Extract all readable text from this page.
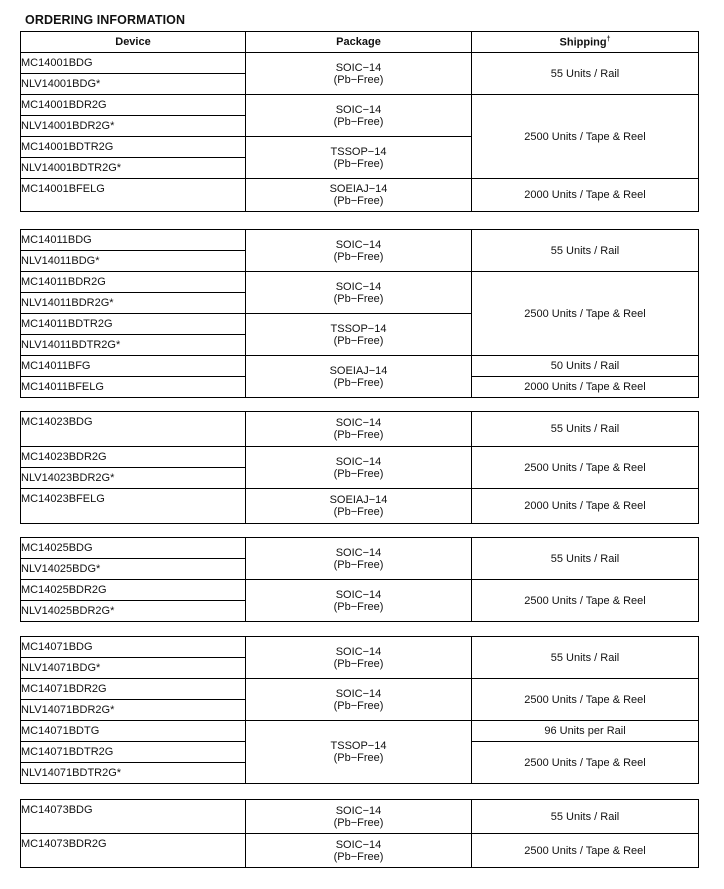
ORDERING INFORMATION
Device	Package	Shipping†

MC14001BDG	SOIC−14
(Pb−Free)	55 Units / Rail

NLV14001BDG*		

MC14001BDR2G	SOIC−14
(Pb−Free)	2500 Units / Tape & Reel

NLV14001BDR2G*		

MC14001BDTR2G	TSSOP−14
(Pb−Free)	

NLV14001BDTR2G*		

MC14001BFELG	SOEIAJ−14
(Pb−Free)	2000 Units / Tape & Reel
MC14011BDG	SOIC−14
(Pb−Free)	55 Units / Rail

NLV14011BDG*		

MC14011BDR2G	SOIC−14
(Pb−Free)	2500 Units / Tape & Reel

NLV14011BDR2G*		

MC14011BDTR2G	TSSOP−14
(Pb−Free)	

NLV14011BDTR2G*		

MC14011BFG	SOEIAJ−14
(Pb−Free)	50 Units / Rail

MC14011BFELG		2000 Units / Tape & Reel
MC14023BDG	SOIC−14
(Pb−Free)	55 Units / Rail

MC14023BDR2G	SOIC−14
(Pb−Free)	2500 Units / Tape & Reel

NLV14023BDR2G*		

MC14023BFELG	SOEIAJ−14
(Pb−Free)	2000 Units / Tape & Reel
MC14025BDG	SOIC−14
(Pb−Free)	55 Units / Rail

NLV14025BDG*		

MC14025BDR2G	SOIC−14
(Pb−Free)	2500 Units / Tape & Reel

NLV14025BDR2G*		
MC14071BDG	SOIC−14
(Pb−Free)	55 Units / Rail

NLV14071BDG*		

MC14071BDR2G	SOIC−14
(Pb−Free)	2500 Units / Tape & Reel

NLV14071BDR2G*		

MC14071BDTG	TSSOP−14
(Pb−Free)	96 Units per Rail

MC14071BDTR2G		2500 Units / Tape & Reel

NLV14071BDTR2G*		
MC14073BDG	SOIC−14
(Pb−Free)	55 Units / Rail

MC14073BDR2G	SOIC−14
(Pb−Free)	2500 Units / Tape & Reel
